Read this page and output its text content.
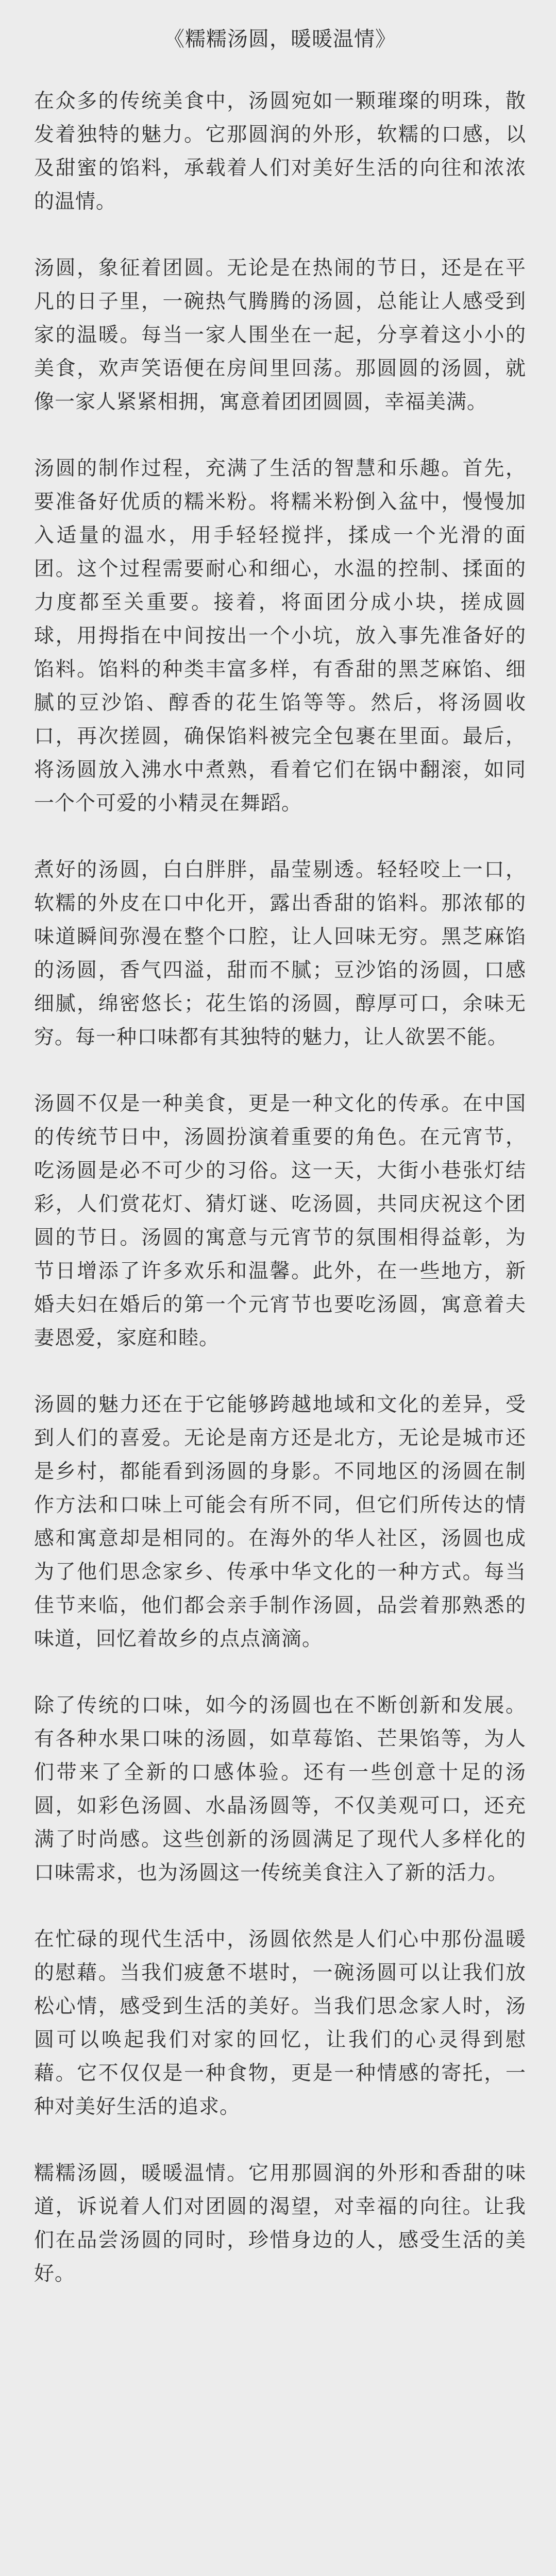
《糯糯汤圆，暖暖温情》

在众多的传统美食中，汤圆宛如一颗璀璨的明珠，散发着独特的魅力。它那圆润的外形，软糯的口感，以及甜蜜的馅料，承载着人们对美好生活的向往和浓浓的温情。

汤圆，象征着团圆。无论是在热闹的节日，还是在平凡的日子里，一碗热气腾腾的汤圆，总能让人感受到家的温暖。每当一家人围坐在一起，分享着这小小的美食，欢声笑语便在房间里回荡。那圆圆的汤圆，就像一家人紧紧相拥，寓意着团团圆圆，幸福美满。

汤圆的制作过程，充满了生活的智慧和乐趣。首先，要准备好优质的糯米粉。将糯米粉倒入盆中，慢慢加入适量的温水，用手轻轻搅拌，揉成一个光滑的面团。这个过程需要耐心和细心，水温的控制、揉面的力度都至关重要。接着，将面团分成小块，搓成圆球，用拇指在中间按出一个小坑，放入事先准备好的馅料。馅料的种类丰富多样，有香甜的黑芝麻馅、细腻的豆沙馅、醇香的花生馅等等。然后，将汤圆收口，再次搓圆，确保馅料被完全包裹在里面。最后，将汤圆放入沸水中煮熟，看着它们在锅中翻滚，如同一个个可爱的小精灵在舞蹈。

煮好的汤圆，白白胖胖，晶莹剔透。轻轻咬上一口，软糯的外皮在口中化开，露出香甜的馅料。那浓郁的味道瞬间弥漫在整个口腔，让人回味无穷。黑芝麻馅的汤圆，香气四溢，甜而不腻；豆沙馅的汤圆，口感细腻，绵密悠长；花生馅的汤圆，醇厚可口，余味无穷。每一种口味都有其独特的魅力，让人欲罢不能。

汤圆不仅是一种美食，更是一种文化的传承。在中国的传统节日中，汤圆扮演着重要的角色。在元宵节，吃汤圆是必不可少的习俗。这一天，大街小巷张灯结彩，人们赏花灯、猜灯谜、吃汤圆，共同庆祝这个团圆的节日。汤圆的寓意与元宵节的氛围相得益彰，为节日增添了许多欢乐和温馨。此外，在一些地方，新婚夫妇在婚后的第一个元宵节也要吃汤圆，寓意着夫妻恩爱，家庭和睦。

汤圆的魅力还在于它能够跨越地域和文化的差异，受到人们的喜爱。无论是南方还是北方，无论是城市还是乡村，都能看到汤圆的身影。不同地区的汤圆在制作方法和口味上可能会有所不同，但它们所传达的情感和寓意却是相同的。在海外的华人社区，汤圆也成为了他们思念家乡、传承中华文化的一种方式。每当佳节来临，他们都会亲手制作汤圆，品尝着那熟悉的味道，回忆着故乡的点点滴滴。

除了传统的口味，如今的汤圆也在不断创新和发展。有各种水果口味的汤圆，如草莓馅、芒果馅等，为人们带来了全新的口感体验。还有一些创意十足的汤圆，如彩色汤圆、水晶汤圆等，不仅美观可口，还充满了时尚感。这些创新的汤圆满足了现代人多样化的口味需求，也为汤圆这一传统美食注入了新的活力。

在忙碌的现代生活中，汤圆依然是人们心中那份温暖的慰藉。当我们疲惫不堪时，一碗汤圆可以让我们放松心情，感受到生活的美好。当我们思念家人时，汤圆可以唤起我们对家的回忆，让我们的心灵得到慰藉。它不仅仅是一种食物，更是一种情感的寄托，一种对美好生活的追求。

糯糯汤圆，暖暖温情。它用那圆润的外形和香甜的味道，诉说着人们对团圆的渴望，对幸福的向往。让我们在品尝汤圆的同时，珍惜身边的人，感受生活的美好。
